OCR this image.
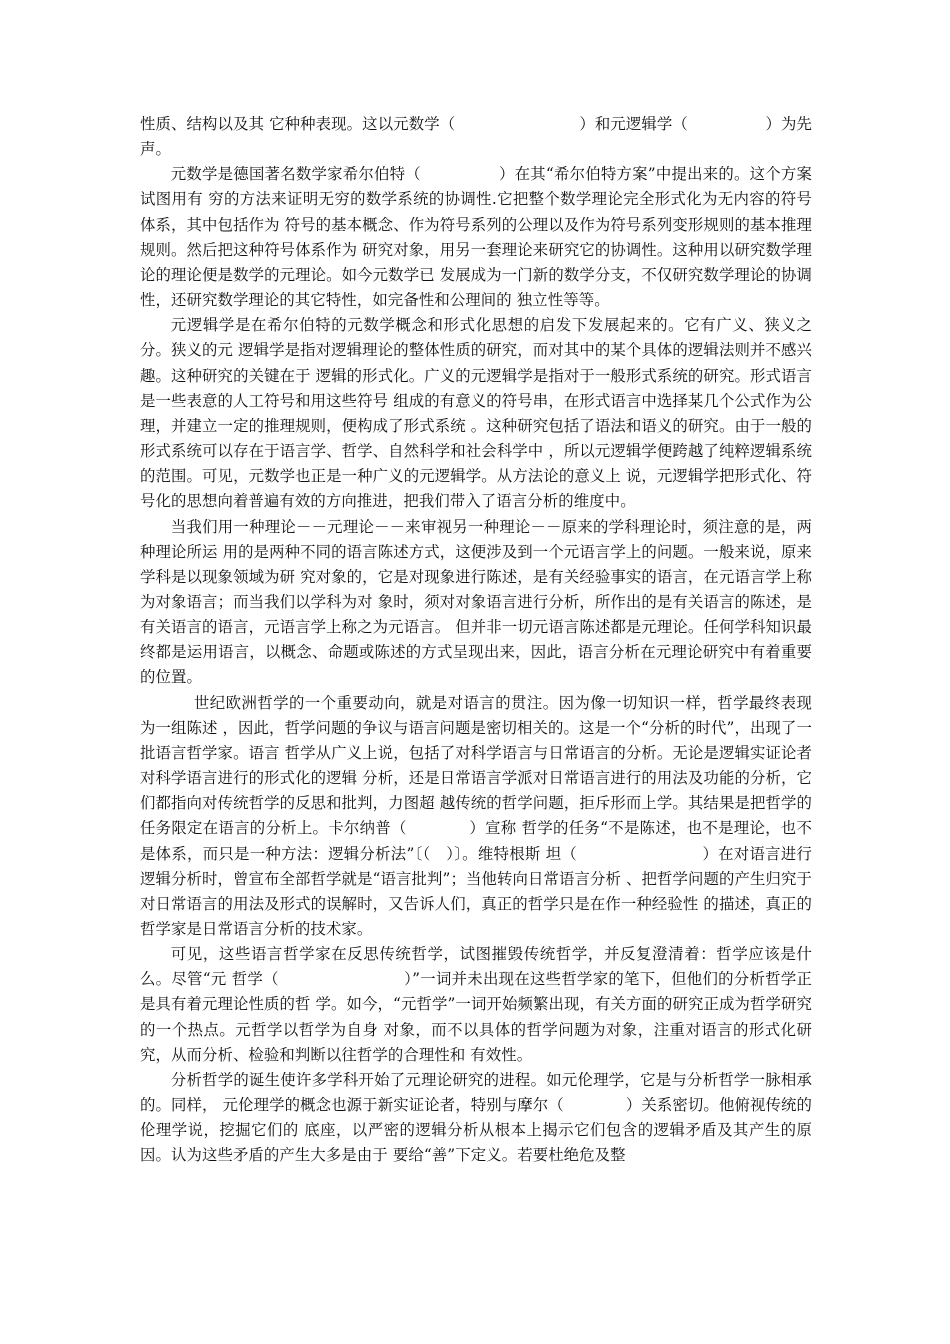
性质、结构以及其 它种种表现。这以元数学（　　　　　　　　）和元逻辑学（　　　　　）为先声。

元数学是德国著名数学家希尔伯特（　　　　　）在其“希尔伯特方案”中提出来的。这个方案试图用有 穷的方法来证明无穷的数学系统的协调性.它把整个数学理论完全形式化为无内容的符号体系，其中包括作为 符号的基本概念、作为符号系列的公理以及作为符号系列变形规则的基本推理规则。然后把这种符号体系作为 研究对象，用另一套理论来研究它的协调性。这种用以研究数学理论的理论便是数学的元理论。如今元数学已 发展成为一门新的数学分支，不仅研究数学理论的协调性，还研究数学理论的其它特性，如完备性和公理间的 独立性等等。

元逻辑学是在希尔伯特的元数学概念和形式化思想的启发下发展起来的。它有广义、狭义之分。狭义的元 逻辑学是指对逻辑理论的整体性质的研究，而对其中的某个具体的逻辑法则并不感兴趣。这种研究的关键在于 逻辑的形式化。广义的元逻辑学是指对于一般形式系统的研究。形式语言是一些表意的人工符号和用这些符号 组成的有意义的符号串，在形式语言中选择某几个公式作为公理，并建立一定的推理规则，便构成了形式系统 。这种研究包括了语法和语义的研究。由于一般的形式系统可以存在于语言学、哲学、自然科学和社会科学中 ，所以元逻辑学便跨越了纯粹逻辑系统的范围。可见，元数学也正是一种广义的元逻辑学。从方法论的意义上 说，元逻辑学把形式化、符号化的思想向着普遍有效的方向推进，把我们带入了语言分析的维度中。

当我们用一种理论－－元理论－－来审视另一种理论－－原来的学科理论时，须注意的是，两种理论所运 用的是两种不同的语言陈述方式，这便涉及到一个元语言学上的问题。一般来说，原来学科是以现象领域为研 究对象的，它是对现象进行陈述，是有关经验事实的语言，在元语言学上称为对象语言；而当我们以学科为对 象时，须对对象语言进行分析，所作出的是有关语言的陈述，是有关语言的语言，元语言学上称之为元语言。 但并非一切元语言陈述都是元理论。任何学科知识最终都是运用语言，以概念、命题或陈述的方式呈现出来，因此，语言分析在元理论研究中有着重要的位置。

世纪欧洲哲学的一个重要动向，就是对语言的贯注。因为像一切知识一样，哲学最终表现为一组陈述 ，因此，哲学问题的争议与语言问题是密切相关的。这是一个“分析的时代”，出现了一批语言哲学家。语言 哲学从广义上说，包括了对科学语言与日常语言的分析。无论是逻辑实证论者对科学语言进行的形式化的逻辑 分析，还是日常语言学派对日常语言进行的用法及功能的分析，它们都指向对传统哲学的反思和批判，力图超 越传统的哲学问题，拒斥形而上学。其结果是把哲学的任务限定在语言的分析上。卡尔纳普（　　　　）宣称 哲学的任务“不是陈述，也不是理论，也不是体系，而只是一种方法：逻辑分析法”〔（　）〕。维特根斯 坦（　　　　　　　　）在对语言进行逻辑分析时，曾宣布全部哲学就是“语言批判”；当他转向日常语言分析 、把哲学问题的产生归究于对日常语言的用法及形式的误解时，又告诉人们，真正的哲学只是在作一种经验性 的描述，真正的哲学家是日常语言分析的技术家。

可见，这些语言哲学家在反思传统哲学，试图摧毁传统哲学，并反复澄清着：哲学应该是什么。尽管“元 哲学（　　　　　　　　）”一词并未出现在这些哲学家的笔下，但他们的分析哲学正是具有着元理论性质的哲 学。如今，“元哲学”一词开始频繁出现，有关方面的研究正成为哲学研究的一个热点。元哲学以哲学为自身 对象，而不以具体的哲学问题为对象，注重对语言的形式化研究，从而分析、检验和判断以往哲学的合理性和 有效性。

分析哲学的诞生使许多学科开始了元理论研究的进程。如元伦理学，它是与分析哲学一脉相承的。同样， 元伦理学的概念也源于新实证论者，特别与摩尔（　　　　）关系密切。他俯视传统的伦理学说，挖掘它们的 底座，以严密的逻辑分析从根本上揭示它们包含的逻辑矛盾及其产生的原因。认为这些矛盾的产生大多是由于 要给“善”下定义。若要杜绝危及整
